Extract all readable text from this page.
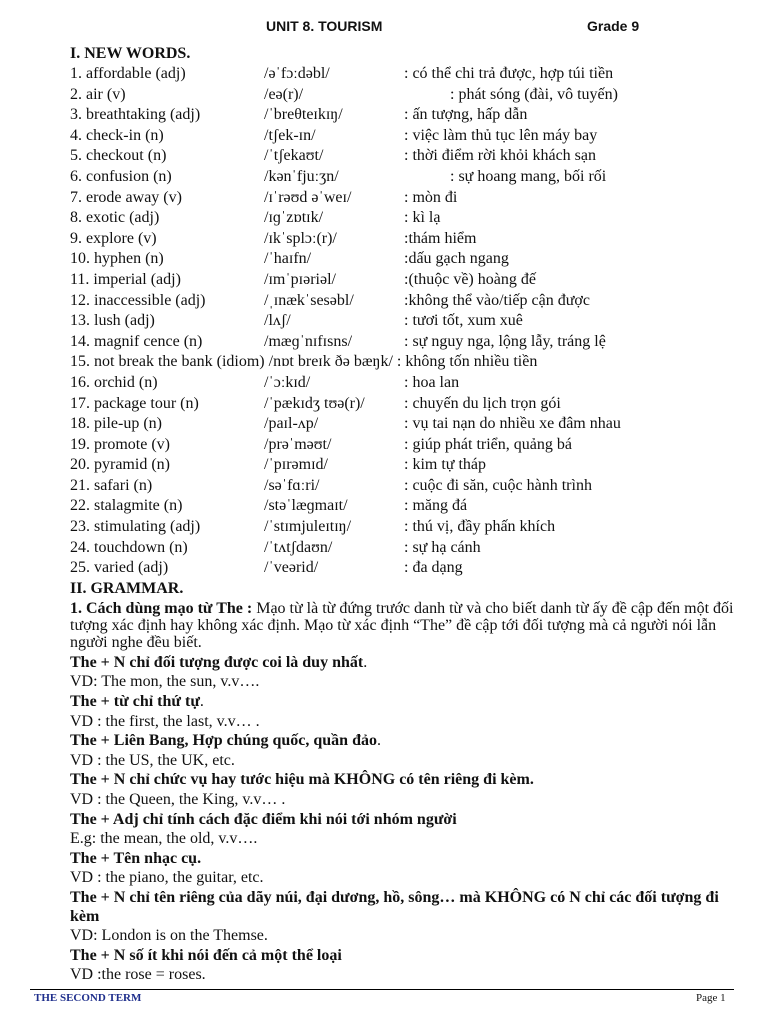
UNIT 8. TOURISM	Grade 9
I. NEW WORDS.
1. affordable (adj)	/əˈfɔːdəbl/	: có thể chi trả được, hợp túi tiền
2. air (v)	/eə(r)/	: phát sóng (đài, vô tuyến)
3. breathtaking (adj)	/ˈbreθteɪkɪŋ/	: ấn tượng, hấp dẫn
4. check-in (n)	/tʃek-ɪn/	: việc làm thủ tục lên máy bay
5. checkout (n)	/ˈtʃekaʊt/	: thời điểm rời khỏi khách sạn
6. confusion (n)	/kənˈfjuːʒn/	: sự hoang mang, bối rối
7. erode away (v)	/ɪˈrəʊd əˈweɪ/	: mòn đi
8. exotic (adj)	/ɪɡˈzɒtɪk/	: kì lạ
9. explore (v)	/ɪkˈsplɔː(r)/	:thám hiểm
10. hyphen (n)	/ˈhaɪfn/	:dấu gạch ngang
11. imperial (adj)	/ɪmˈpɪəriəl/	:(thuộc về) hoàng đế
12. inaccessible (adj)	/ˌɪnækˈsesəbl/	:không thể vào/tiếp cận được
13. lush (adj)	/lʌʃ/	: tươi tốt, xum xuê
14. magnif cence (n)	/mæɡˈnɪfɪsns/	: sự nguy nga, lộng lẫy, tráng lệ
15. not break the bank (idiom) /nɒt breɪk ðə bæŋk/ : không tốn nhiều tiền
16. orchid (n)	/ˈɔːkɪd/	: hoa lan
17. package tour (n)	/ˈpækɪdʒ tʊə(r)/ : chuyến du lịch trọn gói
18. pile-up (n)	/paɪl-ʌp/	: vụ tai nạn do nhiều xe đâm nhau
19. promote (v)	/prəˈməʊt/	: giúp phát triển, quảng bá
20. pyramid (n)	/ˈpɪrəmɪd/	: kim tự tháp
21. safari (n)	/səˈfɑːri/	: cuộc đi săn, cuộc hành trình
22. stalagmite (n)	/stəˈlæɡmaɪt/	: măng đá
23. stimulating (adj)	/ˈstɪmjuleɪtɪŋ/	: thú vị, đầy phấn khích
24. touchdown (n)	/ˈtʌtʃdaʊn/	: sự hạ cánh
25. varied (adj)	/ˈveərid/	: đa dạng
II. GRAMMAR.
1. Cách dùng mạo từ The : Mạo từ là từ đứng trước danh từ và cho biết danh từ ấy đề cập đến một đối tượng xác định hay không xác định. Mạo từ xác định “The” đề cập tới đối tượng mà cả người nói lẫn người nghe đều biết.
The + N chỉ đối tượng được coi là duy nhất.
VD: The mon, the sun, v.v….
The + từ chỉ thứ tự.
VD : the first, the last, v.v… .
The + Liên Bang, Hợp chúng quốc, quần đảo.
VD : the US, the UK, etc.
The + N chỉ chức vụ hay tước hiệu mà KHÔNG có tên riêng đi kèm.
VD : the Queen, the King, v.v… .
The + Adj chỉ tính cách đặc điểm khi nói tới nhóm người
E.g: the mean, the old, v.v….
The + Tên nhạc cụ.
VD : the piano, the guitar, etc.
The + N chỉ tên riêng của dãy núi, đại dương, hồ, sông… mà KHÔNG có N chỉ các đối tượng đi kèm
VD: London is on the Themse.
The + N số ít khi nói đến cả một thể loại
VD :the rose = roses.
THE SECOND TERM	Page 1
